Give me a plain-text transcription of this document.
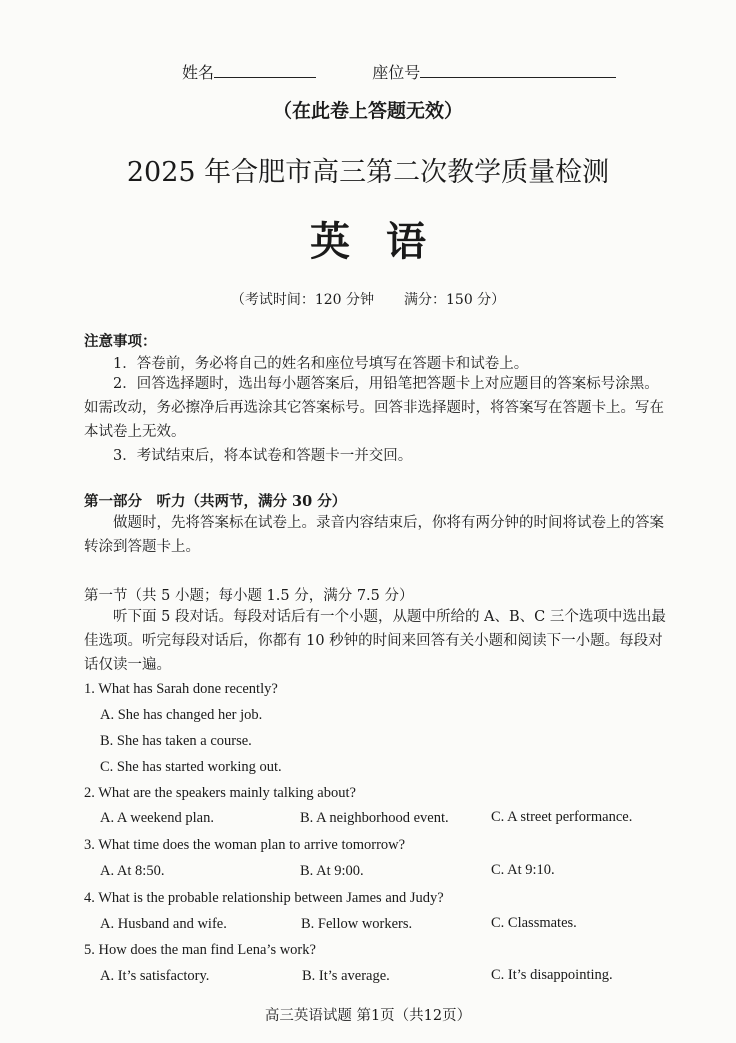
姓名	座位号
（在此卷上答题无效）
2025 年合肥市高三第二次教学质量检测
英语
（考试时间：120 分钟 满分：150 分）
注意事项：
1．答卷前，务必将自己的姓名和座位号填写在答题卡和试卷上。
2．回答选择题时，选出每小题答案后，用铅笔把答题卡上对应题目的答案标号涂黑。如需改动，务必擦净后再选涂其它答案标号。回答非选择题时，将答案写在答题卡上。写在本试卷上无效。
3．考试结束后，将本试卷和答题卡一并交回。
第一部分　听力（共两节，满分 30 分）
做题时，先将答案标在试卷上。录音内容结束后，你将有两分钟的时间将试卷上的答案转涂到答题卡上。
第一节（共 5 小题；每小题 1.5 分，满分 7.5 分）
听下面 5 段对话。每段对话后有一个小题，从题中所给的 A、B、C 三个选项中选出最佳选项。听完每段对话后，你都有 10 秒钟的时间来回答有关小题和阅读下一小题。每段对话仅读一遍。
1. What has Sarah done recently?
A. She has changed her job.
B. She has taken a course.
C. She has started working out.
2. What are the speakers mainly talking about?
A. A weekend plan.	B. A neighborhood event.	C. A street performance.
3. What time does the woman plan to arrive tomorrow?
A. At 8:50.	B. At 9:00.	C. At 9:10.
4. What is the probable relationship between James and Judy?
A. Husband and wife.	B. Fellow workers.	C. Classmates.
5. How does the man find Lena’s work?
A. It’s satisfactory.	B. It’s average.	C. It’s disappointing.
高三英语试题 第1页（共12页）
